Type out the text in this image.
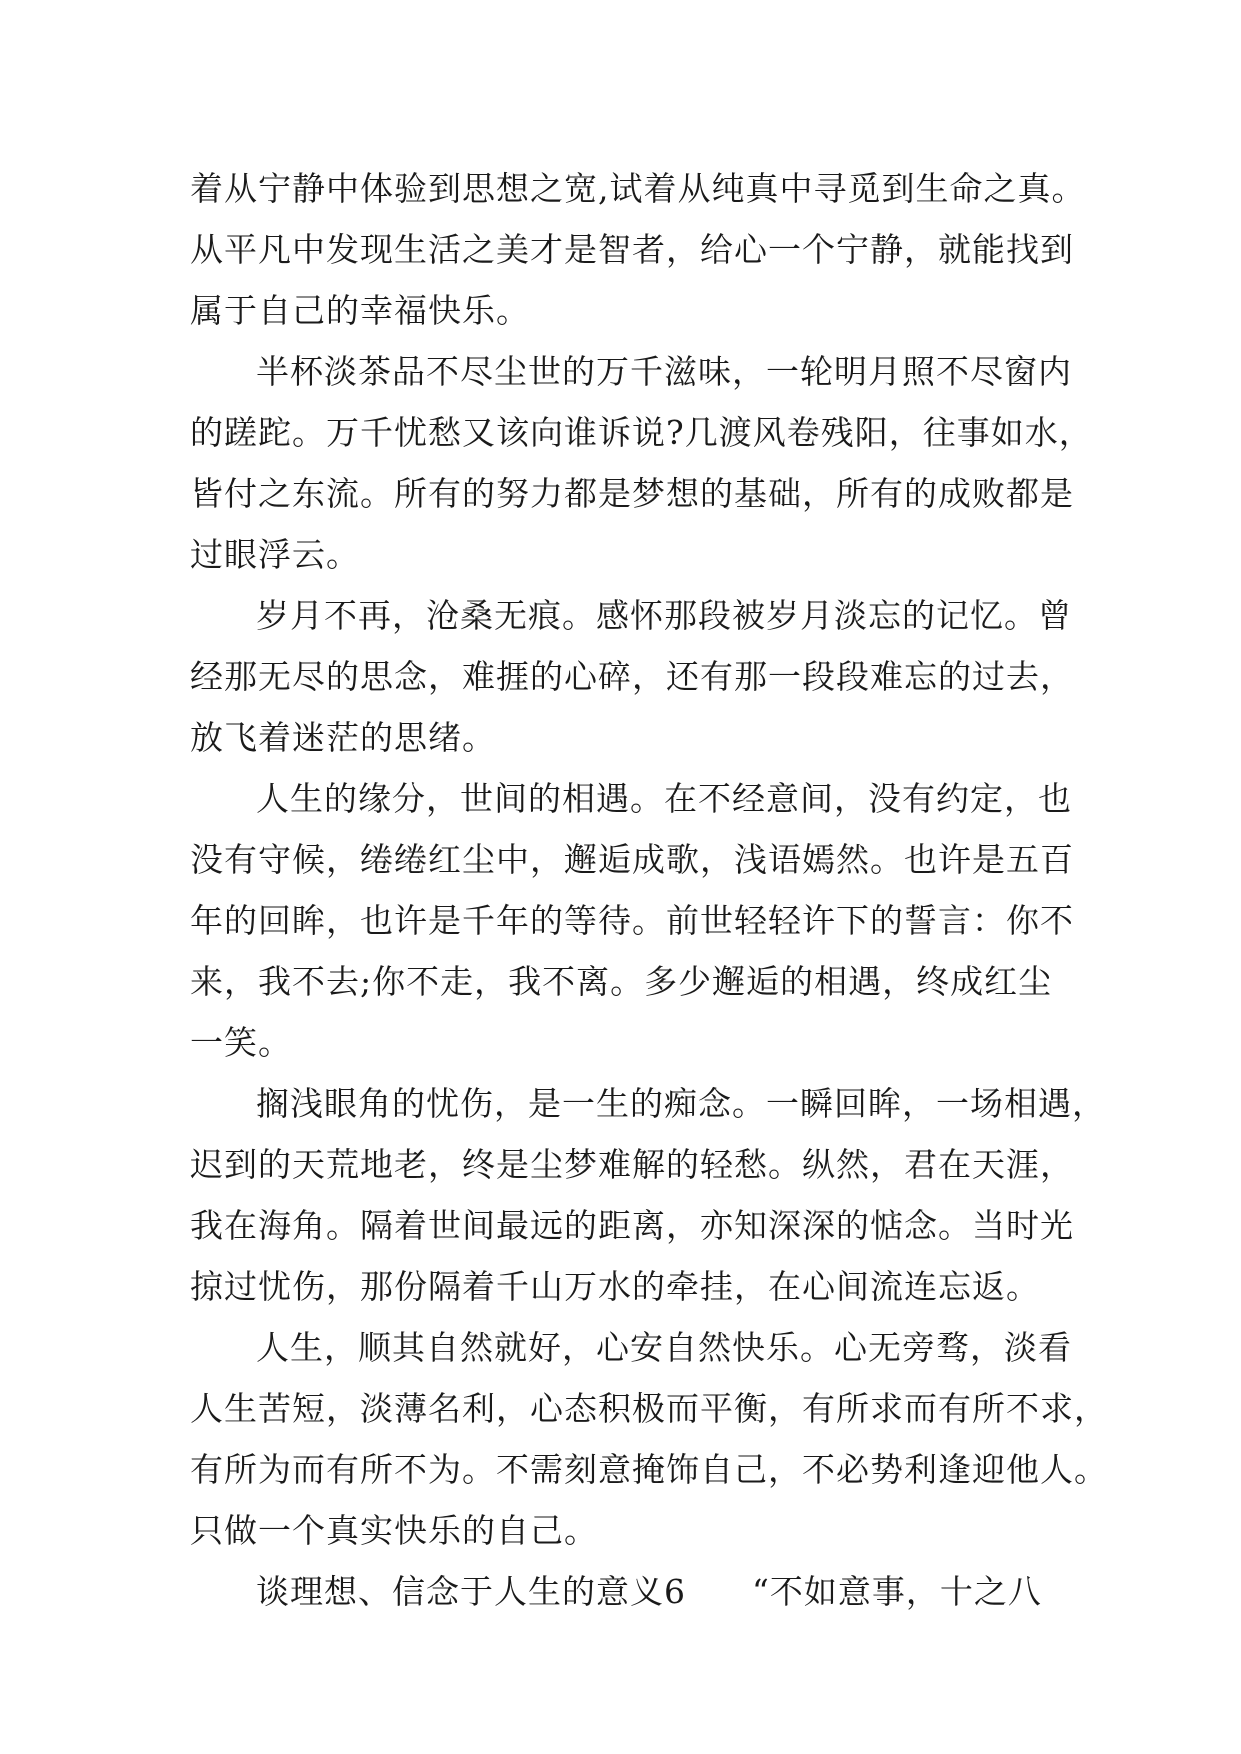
着从宁静中体验到思想之宽,试着从纯真中寻觅到生命之真。
从平凡中发现生活之美才是智者，给心一个宁静，就能找到
属于自己的幸福快乐。
半杯淡茶品不尽尘世的万千滋味，一轮明月照不尽窗内
的蹉跎。万千忧愁又该向谁诉说?几渡风卷残阳，往事如水，
皆付之东流。所有的努力都是梦想的基础，所有的成败都是
过眼浮云。
岁月不再，沧桑无痕。感怀那段被岁月淡忘的记忆。曾
经那无尽的思念，难捱的心碎，还有那一段段难忘的过去，
放飞着迷茫的思绪。
人生的缘分，世间的相遇。在不经意间，没有约定，也
没有守候，绻绻红尘中，邂逅成歌，浅语嫣然。也许是五百
年的回眸，也许是千年的等待。前世轻轻许下的誓言：你不
来，我不去;你不走，我不离。多少邂逅的相遇，终成红尘
一笑。
搁浅眼角的忧伤，是一生的痴念。一瞬回眸，一场相遇，
迟到的天荒地老，终是尘梦难解的轻愁。纵然，君在天涯，
我在海角。隔着世间最远的距离，亦知深深的惦念。当时光
掠过忧伤，那份隔着千山万水的牵挂，在心间流连忘返。
人生，顺其自然就好，心安自然快乐。心无旁骛，淡看
人生苦短，淡薄名利，心态积极而平衡，有所求而有所不求，
有所为而有所不为。不需刻意掩饰自己，不必势利逢迎他人。
只做一个真实快乐的自己。
谈理想、信念于人生的意义6 “不如意事，十之八
